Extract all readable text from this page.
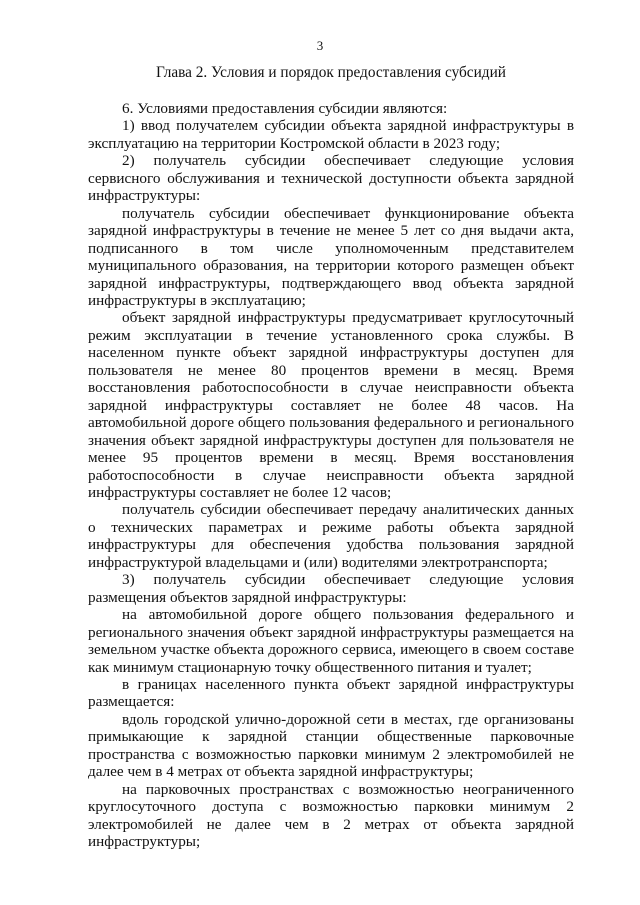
3
Глава 2. Условия и порядок предоставления субсидий

6. Условиями предоставления субсидии являются:

1) ввод получателем субсидии объекта зарядной инфраструктуры в эксплуатацию на территории Костромской области в 2023 году;

2) получатель субсидии обеспечивает следующие условия сервисного обслуживания и технической доступности объекта зарядной инфраструктуры:

получатель субсидии обеспечивает функционирование объекта зарядной инфраструктуры в течение не менее 5 лет со дня выдачи акта, подписанного в том числе уполномоченным представителем муниципального образования, на территории которого размещен объект зарядной инфраструктуры, подтверждающего ввод объекта зарядной инфраструктуры в эксплуатацию;

объект зарядной инфраструктуры предусматривает круглосуточный режим эксплуатации в течение установленного срока службы. В населенном пункте объект зарядной инфраструктуры доступен для пользователя не менее 80 процентов времени в месяц. Время восстановления работоспособности в случае неисправности объекта зарядной инфраструктуры составляет не более 48 часов. На автомобильной дороге общего пользования федерального и регионального значения объект зарядной инфраструктуры доступен для пользователя не менее 95 процентов времени в месяц. Время восстановления работоспособности в случае неисправности объекта зарядной инфраструктуры составляет не более 12 часов;

получатель субсидии обеспечивает передачу аналитических данных о технических параметрах и режиме работы объекта зарядной инфраструктуры для обеспечения удобства пользования зарядной инфраструктурой владельцами и (или) водителями электротранспорта;

3) получатель субсидии обеспечивает следующие условия размещения объектов зарядной инфраструктуры:

на автомобильной дороге общего пользования федерального и регионального значения объект зарядной инфраструктуры размещается на земельном участке объекта дорожного сервиса, имеющего в своем составе как минимум стационарную точку общественного питания и туалет;

в границах населенного пункта объект зарядной инфраструктуры размещается:

вдоль городской улично-дорожной сети в местах, где организованы примыкающие к зарядной станции общественные парковочные пространства с возможностью парковки минимум 2 электромобилей не далее чем в 4 метрах от объекта зарядной инфраструктуры;

на парковочных пространствах с возможностью неограниченного круглосуточного доступа с возможностью парковки минимум 2 электромобилей не далее чем в 2 метрах от объекта зарядной инфраструктуры;
